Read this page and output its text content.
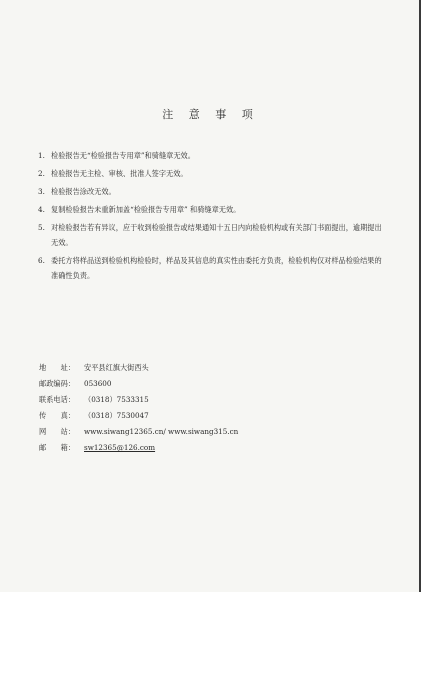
注 意 事 项
1. 检验报告无“检验报告专用章”和骑缝章无效。
2. 检验报告无主检、审核、批准人签字无效。
3. 检验报告涂改无效。
4. 复制检验报告未重新加盖“检验报告专用章” 和骑缝章无效。
5. 对检验报告若有异议，应于收到检验报告或结果通知十五日内向检验机构或有关部门书面提出，逾期提出无效。
6. 委托方将样品送到检验机构检验时，样品及其信息的真实性由委托方负责，检验机构仅对样品检验结果的准确性负责。
地　　址：	安平县红旗大街西头
邮政编码：	053600
联系电话：	（0318）7533315
传　　真：	（0318）7530047
网　　站：	www.siwang12365.cn/ www.siwang315.cn
邮　　箱：	sw12365@126.com
